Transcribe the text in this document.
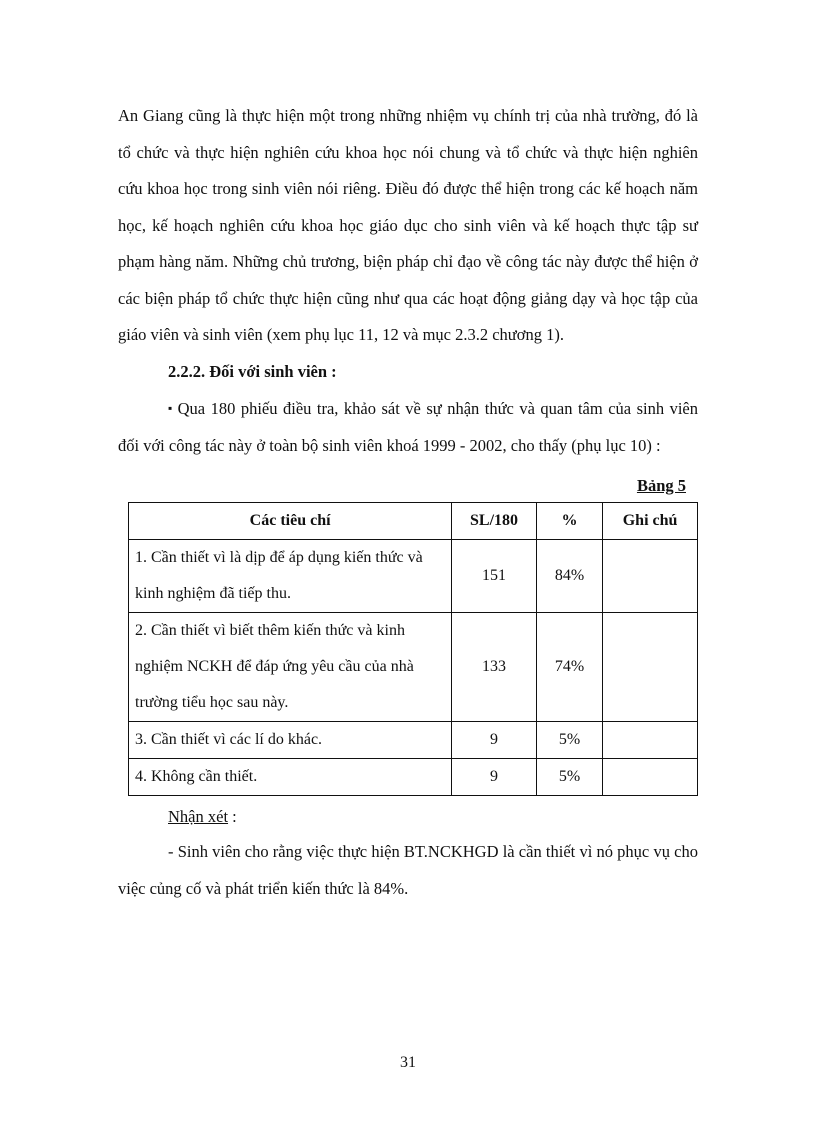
An Giang cũng là thực hiện một trong những nhiệm vụ chính trị của nhà trường, đó là tổ chức và thực hiện nghiên cứu khoa học nói chung và tổ chức và thực hiện nghiên cứu khoa học trong sinh viên nói riêng. Điều đó được thể hiện trong các kế hoạch năm học, kế hoạch nghiên cứu khoa học giáo dục cho sinh viên và kế hoạch thực tập sư phạm hàng năm. Những chủ trương, biện pháp chỉ đạo về công tác này được thể hiện ở các biện pháp tổ chức thực hiện cũng như qua các hoạt động giảng dạy và học tập của giáo viên và sinh viên (xem phụ lục 11, 12 và mục 2.3.2 chương 1).

2.2.2. Đối với sinh viên :

▪ Qua 180 phiếu điều tra, khảo sát về sự nhận thức và quan tâm của sinh viên đối với công tác này ở toàn bộ sinh viên khoá 1999 - 2002, cho thấy (phụ lục 10) :

Bảng 5

Các tiêu chí	SL/180	%	Ghi chú
1. Cần thiết vì là dịp để áp dụng kiến thức và kinh nghiệm đã tiếp thu.	151	84%	
2. Cần thiết vì biết thêm kiến thức và kinh nghiệm NCKH để đáp ứng yêu cầu của nhà trường tiểu học sau này.	133	74%	
3. Cần thiết vì các lí do khác.	9	5%	
4. Không cần thiết.	9	5%	

Nhận xét :

- Sinh viên cho rằng việc thực hiện BT.NCKHGD là cần thiết vì nó phục vụ cho việc củng cố và phát triển kiến thức là 84%.

31
